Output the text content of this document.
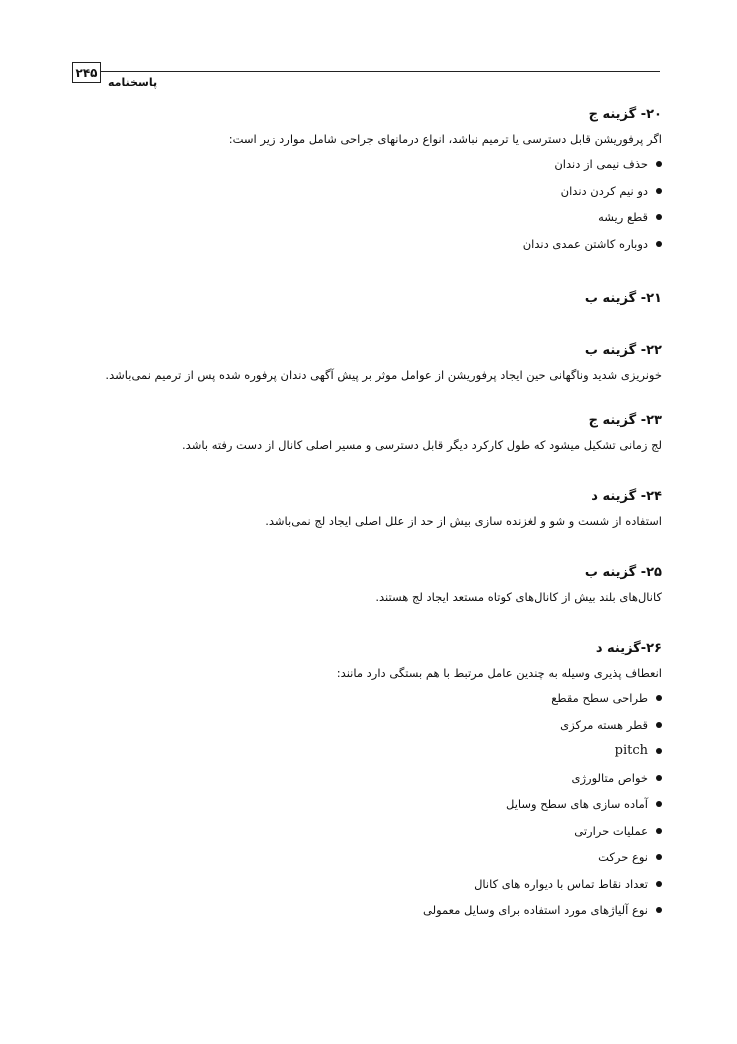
۲۴۵
پاسخنامه
۲۰- گزینه ج

اگر پرفوریشن قابل دسترسی یا ترمیم نباشد، انواع درمانهای جراحی شامل موارد زیر است:

حذف نیمی از دندان
دو نیم کردن دندان
قطع ریشه
دوباره کاشتن عمدی دندان
۲۱- گزینه ب
۲۲- گزینه ب

خونریزی شدید وناگهانی حین ایجاد پرفوریشن از عوامل موثر بر پیش آگهی دندان پرفوره شده پس از ترمیم نمی‌باشد.

۲۳- گزینه ج

لج زمانی تشکیل میشود که طول کارکرد دیگر قابل دسترسی و مسیر اصلی کانال از دست رفته باشد.

۲۴- گزینه د

استفاده از شست و شو و لغزنده سازی بیش از حد از علل اصلی ایجاد لج نمی‌باشد.

۲۵- گزینه ب

کانال‌های بلند بیش از کانال‌های کوتاه مستعد ایجاد لج هستند.

۲۶-گزینه د

انعطاف پذیری وسیله به چندین عامل مرتبط با هم بستگی دارد مانند:

طراحی سطح مقطع
قطر هسته مرکزی
pitch
خواص متالورژی
آماده سازی های سطح وسایل
عملیات حرارتی
نوع حرکت
تعداد نقاط تماس با دیواره های کانال
نوع آلیاژهای مورد استفاده برای وسایل معمولی
